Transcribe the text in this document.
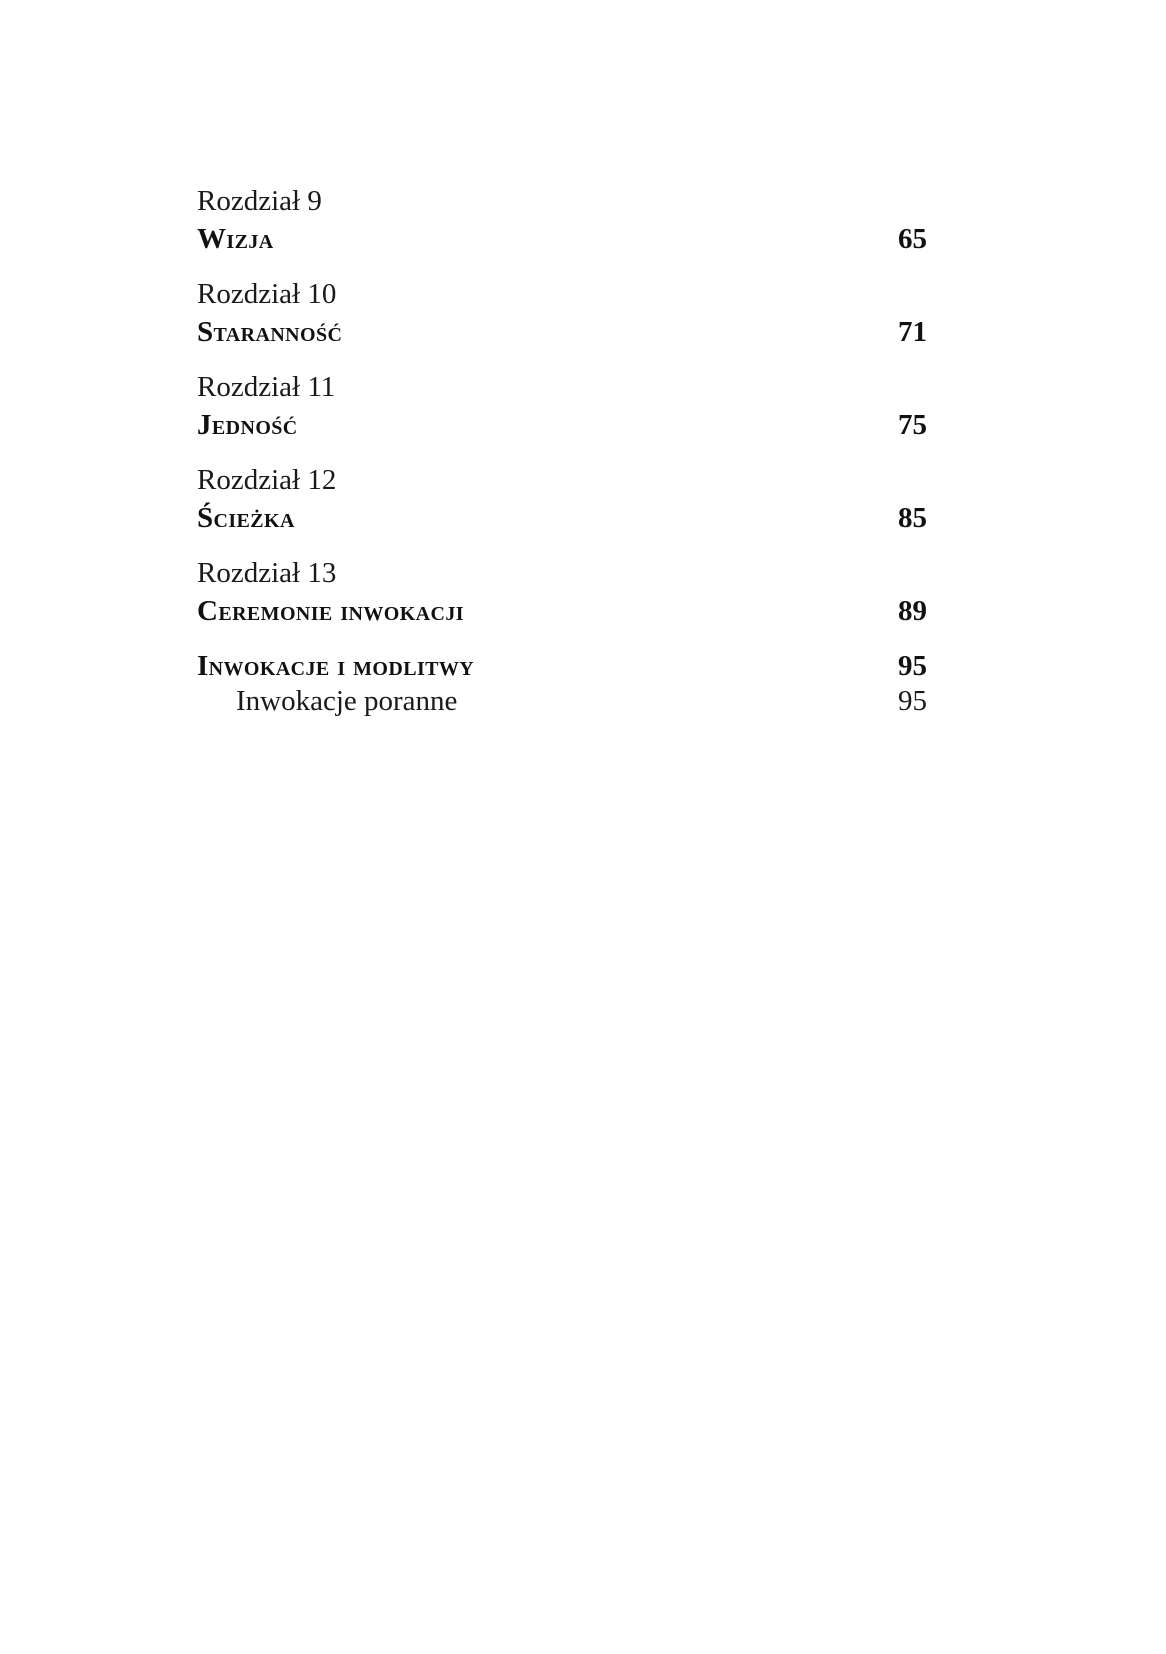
Rozdział 9
Wizja	65
Rozdział 10
Staranność	71
Rozdział 11
Jedność	75
Rozdział 12
Ścieżka	85
Rozdział 13
Ceremonie inwokacji	89
Inwokacje i modlitwy	95
Inwokacje poranne	95
